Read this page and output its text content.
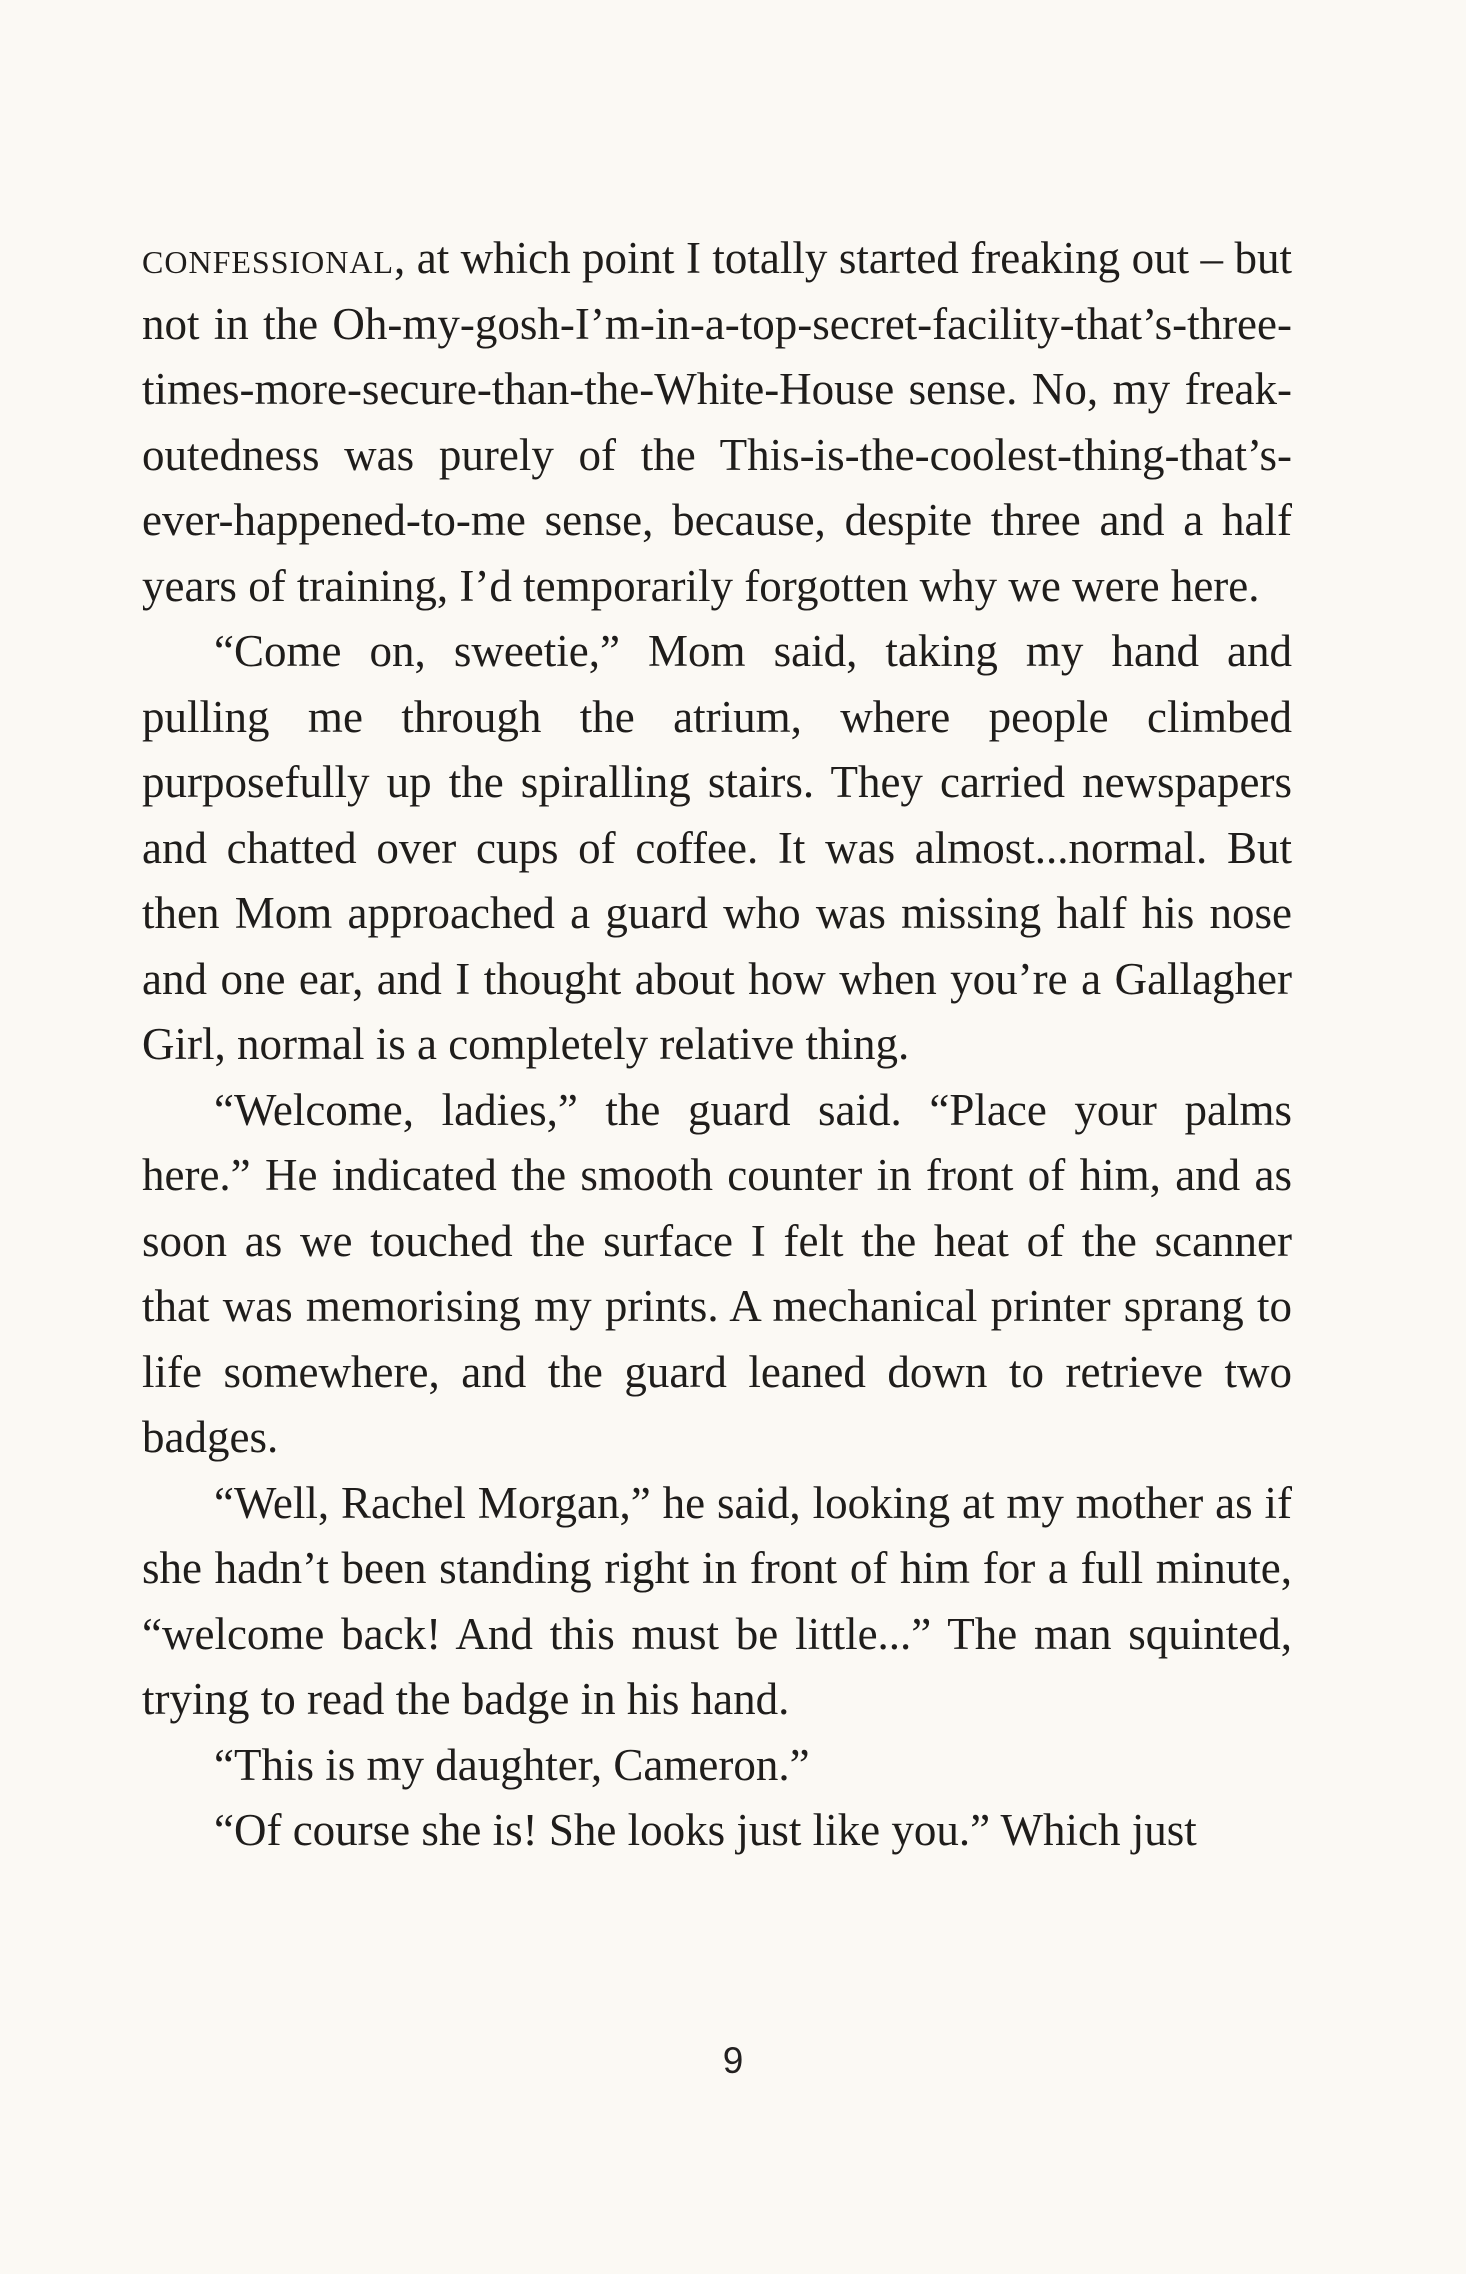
confessional, at which point I totally started freaking out – but not in the Oh-my-gosh-I’m-in-a-top-secret-facility-that’s-three-times-more-secure-than-the-White-House sense. No, my freak-outedness was purely of the This-is-the-coolest-thing-that’s-ever-happened-to-me sense, because, despite three and a half years of training, I’d temporarily forgotten why we were here.

“Come on, sweetie,” Mom said, taking my hand and pulling me through the atrium, where people climbed purposefully up the spiralling stairs. They carried newspapers and chatted over cups of coffee. It was almost...normal. But then Mom approached a guard who was missing half his nose and one ear, and I thought about how when you’re a Gallagher Girl, normal is a completely relative thing.

“Welcome, ladies,” the guard said. “Place your palms here.” He indicated the smooth counter in front of him, and as soon as we touched the surface I felt the heat of the scanner that was memorising my prints. A mechanical printer sprang to life somewhere, and the guard leaned down to retrieve two badges.

“Well, Rachel Morgan,” he said, looking at my mother as if she hadn’t been standing right in front of him for a full minute, “welcome back! And this must be little...” The man squinted, trying to read the badge in his hand.

“This is my daughter, Cameron.”

“Of course she is! She looks just like you.” Which just

9
